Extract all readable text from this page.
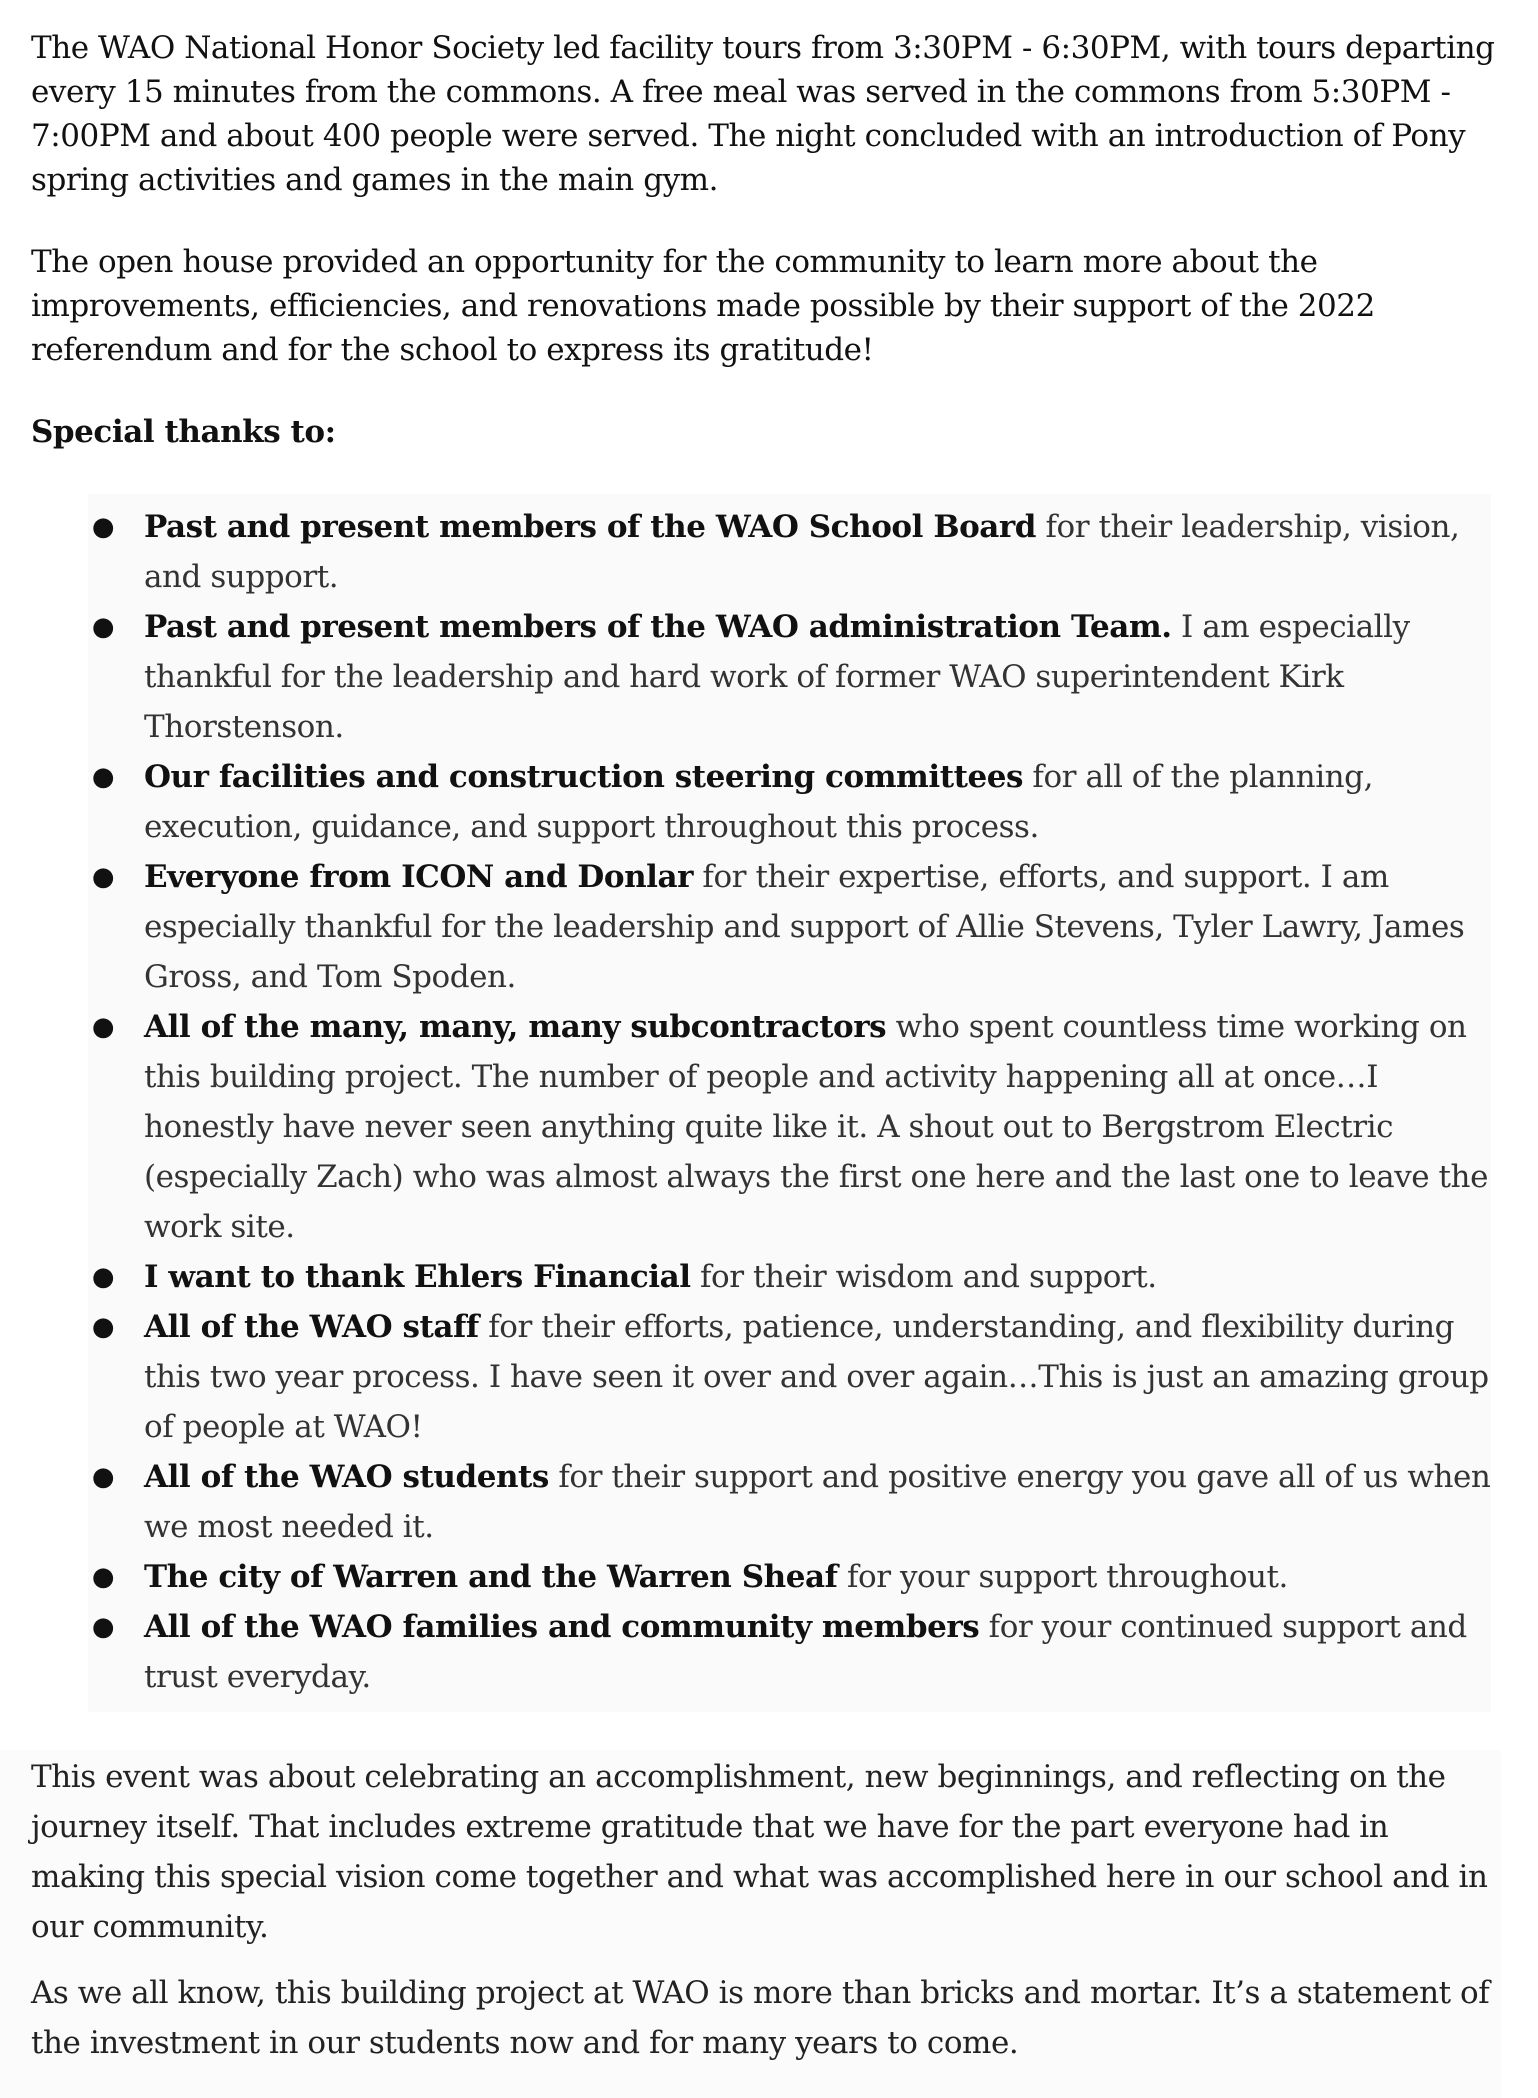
The WAO National Honor Society led facility tours from 3:30PM - 6:30PM, with tours departing every 15 minutes from the commons. A free meal was served in the commons from 5:30PM - 7:00PM and about 400 people were served. The night concluded with an introduction of Pony spring activities and games in the main gym.

The open house provided an opportunity for the community to learn more about the improvements, efficiencies, and renovations made possible by their support of the 2022 referendum and for the school to express its gratitude!

Special thanks to:
● Past and present members of the WAO School Board for their leadership, vision, and support.
● Past and present members of the WAO administration Team. I am especially thankful for the leadership and hard work of former WAO superintendent Kirk Thorstenson.
● Our facilities and construction steering committees for all of the planning, execution, guidance, and support throughout this process.
● Everyone from ICON and Donlar for their expertise, efforts, and support. I am especially thankful for the leadership and support of Allie Stevens, Tyler Lawry, James Gross, and Tom Spoden.
● All of the many, many, many subcontractors who spent countless time working on this building project. The number of people and activity happening all at once…I honestly have never seen anything quite like it. A shout out to Bergstrom Electric (especially Zach) who was almost always the first one here and the last one to leave the work site.
● I want to thank Ehlers Financial for their wisdom and support.
● All of the WAO staff for their efforts, patience, understanding, and flexibility during this two year process. I have seen it over and over again…This is just an amazing group of people at WAO!
● All of the WAO students for their support and positive energy you gave all of us when we most needed it.
● The city of Warren and the Warren Sheaf for your support throughout.
● All of the WAO families and community members for your continued support and trust everyday.

This event was about celebrating an accomplishment, new beginnings, and reflecting on the journey itself. That includes extreme gratitude that we have for the part everyone had in making this special vision come together and what was accomplished here in our school and in our community.

As we all know, this building project at WAO is more than bricks and mortar. It’s a statement of the investment in our students now and for many years to come.
